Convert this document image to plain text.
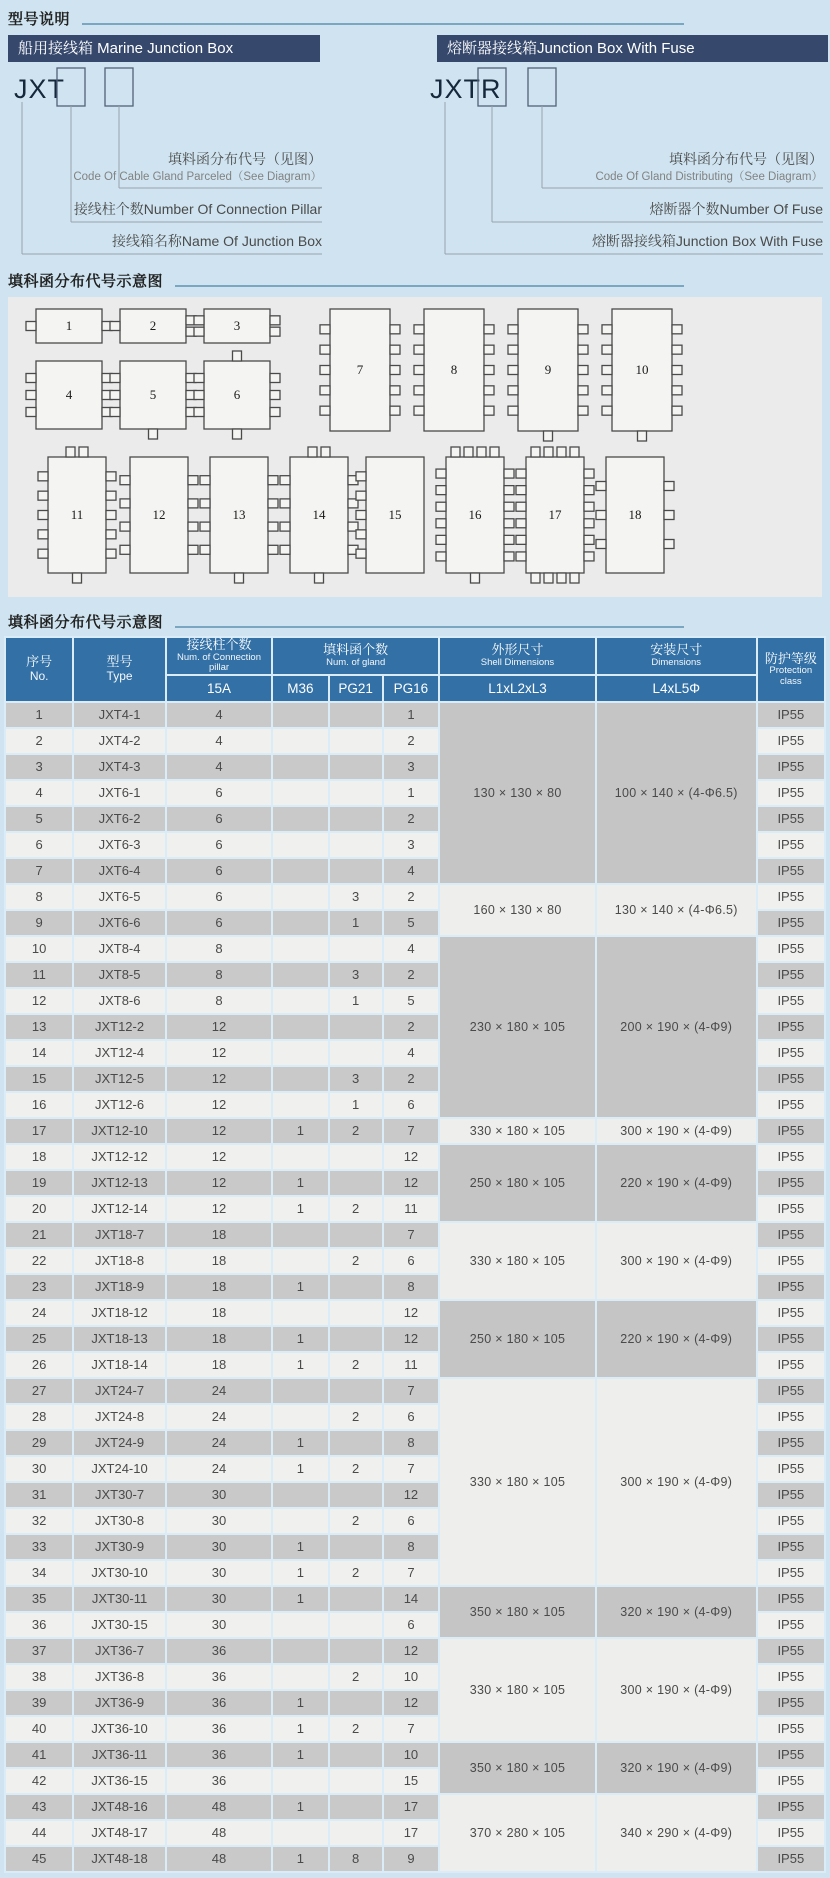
型号说明
船用接线箱 Marine Junction Box
JXT
填料函分布代号（见图）
Code Of Cable Gland Parceled（See Diagram）
接线柱个数Number Of Connection Pillar
接线箱名称Name Of Junction Box
熔断器接线箱Junction Box With Fuse
JXTR
填料函分布代号（见图）
Code Of Gland Distributing（See Diagram）
熔断器个数Number Of Fuse
熔断器接线箱Junction Box With Fuse
填科函分布代号示意图
1	2	3
4	5	6
7	8	9	10
11	12	13	14	15	16	17	18
填科函分布代号示意图
序号
No.

型号
Type

接线柱个数
Num. of Connection pillar

填料函个数
Num. of gland

外形尺寸
Shell Dimensions

安装尺寸
Dimensions	防护等级
Protection class

		15A	M36	PG21	PG16	L1xL2xL3	L4xL5Φ	
1	JXT4-1	4			1	130 × 130 × 80	100 × 140 × (4-Φ6.5)	IP55
2	JXT4-2	4			2			IP55
3	JXT4-3	4			3			IP55
4	JXT6-1	6			1			IP55
5	JXT6-2	6			2			IP55
6	JXT6-3	6			3			IP55
7	JXT6-4	6			4			IP55
8	JXT6-5	6		3	2	160 × 130 × 80	130 × 140 × (4-Φ6.5)	IP55
9	JXT6-6	6		1	5			IP55
10	JXT8-4	8			4	230 × 180 × 105	200 × 190 × (4-Φ9)	IP55
11	JXT8-5	8		3	2			IP55
12	JXT8-6	8		1	5			IP55
13	JXT12-2	12			2			IP55
14	JXT12-4	12			4			IP55
15	JXT12-5	12		3	2			IP55
16	JXT12-6	12		1	6			IP55
17	JXT12-10	12	1	2	7	330 × 180 × 105	300 × 190 × (4-Φ9)	IP55
18	JXT12-12	12			12	250 × 180 × 105	220 × 190 × (4-Φ9)	IP55
19	JXT12-13	12	1		12			IP55
20	JXT12-14	12	1	2	11			IP55
21	JXT18-7	18			7	330 × 180 × 105	300 × 190 × (4-Φ9)	IP55
22	JXT18-8	18		2	6			IP55
23	JXT18-9	18	1		8			IP55
24	JXT18-12	18			12	250 × 180 × 105	220 × 190 × (4-Φ9)	IP55
25	JXT18-13	18	1		12			IP55
26	JXT18-14	18	1	2	11			IP55
27	JXT24-7	24			7	330 × 180 × 105	300 × 190 × (4-Φ9)	IP55
28	JXT24-8	24		2	6			IP55
29	JXT24-9	24	1		8			IP55
30	JXT24-10	24	1	2	7			IP55
31	JXT30-7	30			12			IP55
32	JXT30-8	30		2	6			IP55
33	JXT30-9	30	1		8			IP55
34	JXT30-10	30	1	2	7			IP55
35	JXT30-11	30	1		14	350 × 180 × 105	320 × 190 × (4-Φ9)	IP55
36	JXT30-15	30			6			IP55
37	JXT36-7	36			12	330 × 180 × 105	300 × 190 × (4-Φ9)	IP55
38	JXT36-8	36		2	10			IP55
39	JXT36-9	36	1		12			IP55
40	JXT36-10	36	1	2	7			IP55
41	JXT36-11	36	1		10	350 × 180 × 105	320 × 190 × (4-Φ9)	IP55
42	JXT36-15	36			15			IP55
43	JXT48-16	48	1		17	370 × 280 × 105	340 × 290 × (4-Φ9)	IP55
44	JXT48-17	48			17			IP55
45	JXT48-18	48	1	8	9			IP55
